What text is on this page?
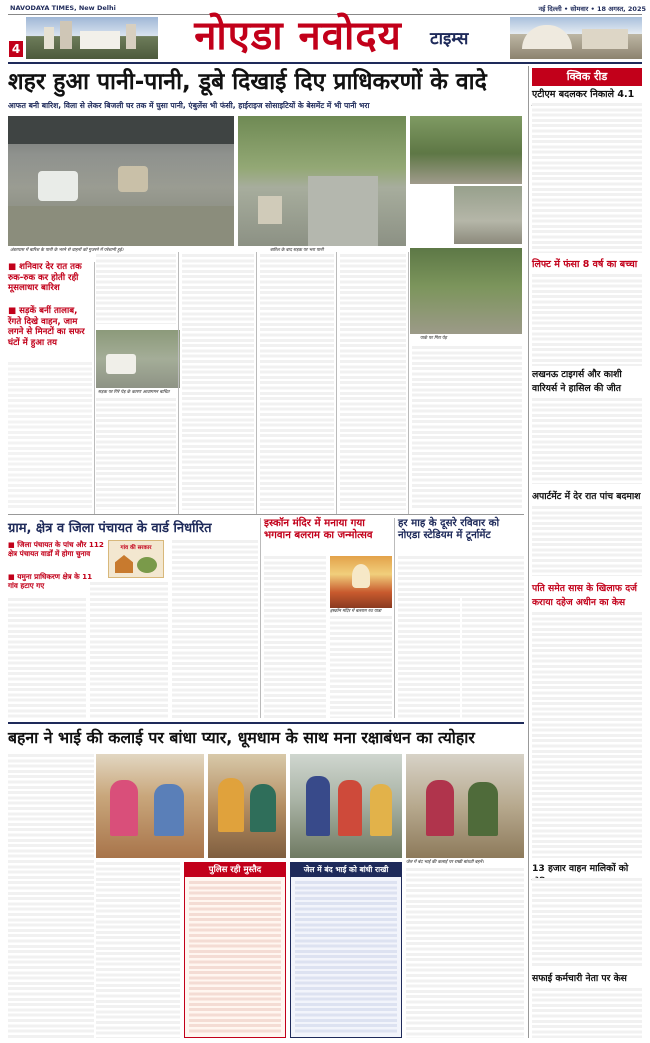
NAVODAYA TIMES, New Delhi	नई दिल्ली • सोमवार • 18 अगस्त, 2025
4	नोएडा नवोदय	टाइम्स
शहर हुआ पानी-पानी, डूबे दिखाई दिए प्राधिकरणों के वादे
आफत बनी बारिश, विला से लेकर बिजली घर तक में घुसा पानी, एंबुलेंस भी फंसी, हाईराइज सोसाइटियों के बेसमेंट में भी पानी भरा
अंडरपास में बारिश के पानी के भरने से वाहनों को गुजरने में परेशानी हुई।	बारिश के बाद सड़क पर भरा पानी
पार्क पर गिरा पेड़
■ शनिवार देर रात तक रुक-रुक कर होती रही मूसलाधार बारिश
■ सड़कें बनीं तालाब, रेंगते दिखे वाहन, जाम लगने से मिनटों का सफर घंटों में हुआ तय
सड़क पर गिरे पेड़ के कारण आवागमन बाधित
क्विक रीड
एटीएम बदलकर निकाले 4.1
लिफ्ट में फंसा 8 वर्ष का बच्चा
लखनऊ टाइगर्स और काशी वारियर्स ने हासिल की जीत
अपार्टमेंट में देर रात पांच बदमाश
पति समेत सास के खिलाफ दर्ज कराया दहेज अधीन का केस
13 हजार वाहन मालिकों को
सफाई कर्मचारी नेता पर केस
ग्राम, क्षेत्र व जिला पंचायत के वार्ड निर्धारित
■ जिला पंचायत के पांच और 112 क्षेत्र पंचायत वार्डों में होगा चुनाव
■ यमुना प्राधिकरण क्षेत्र के 11 गांव हटाए गए
गांव की सरकार
इस्कॉन मंदिर में मनाया गया भगवान बलराम का जन्मोत्सव
इस्कॉन मंदिर में बलराम रथ यात्रा
हर माह के दूसरे रविवार को नोएडा स्टेडियम में टूर्नामेंट
बहना ने भाई की कलाई पर बांधा प्यार, धूमधाम के साथ मना रक्षाबंधन का त्योहार
पुलिस रही मुस्तैद	जेल में बंद भाई को बांधी राखी
जेल में बंद भाई की कलाई पर राखी बांधती बहनें।
